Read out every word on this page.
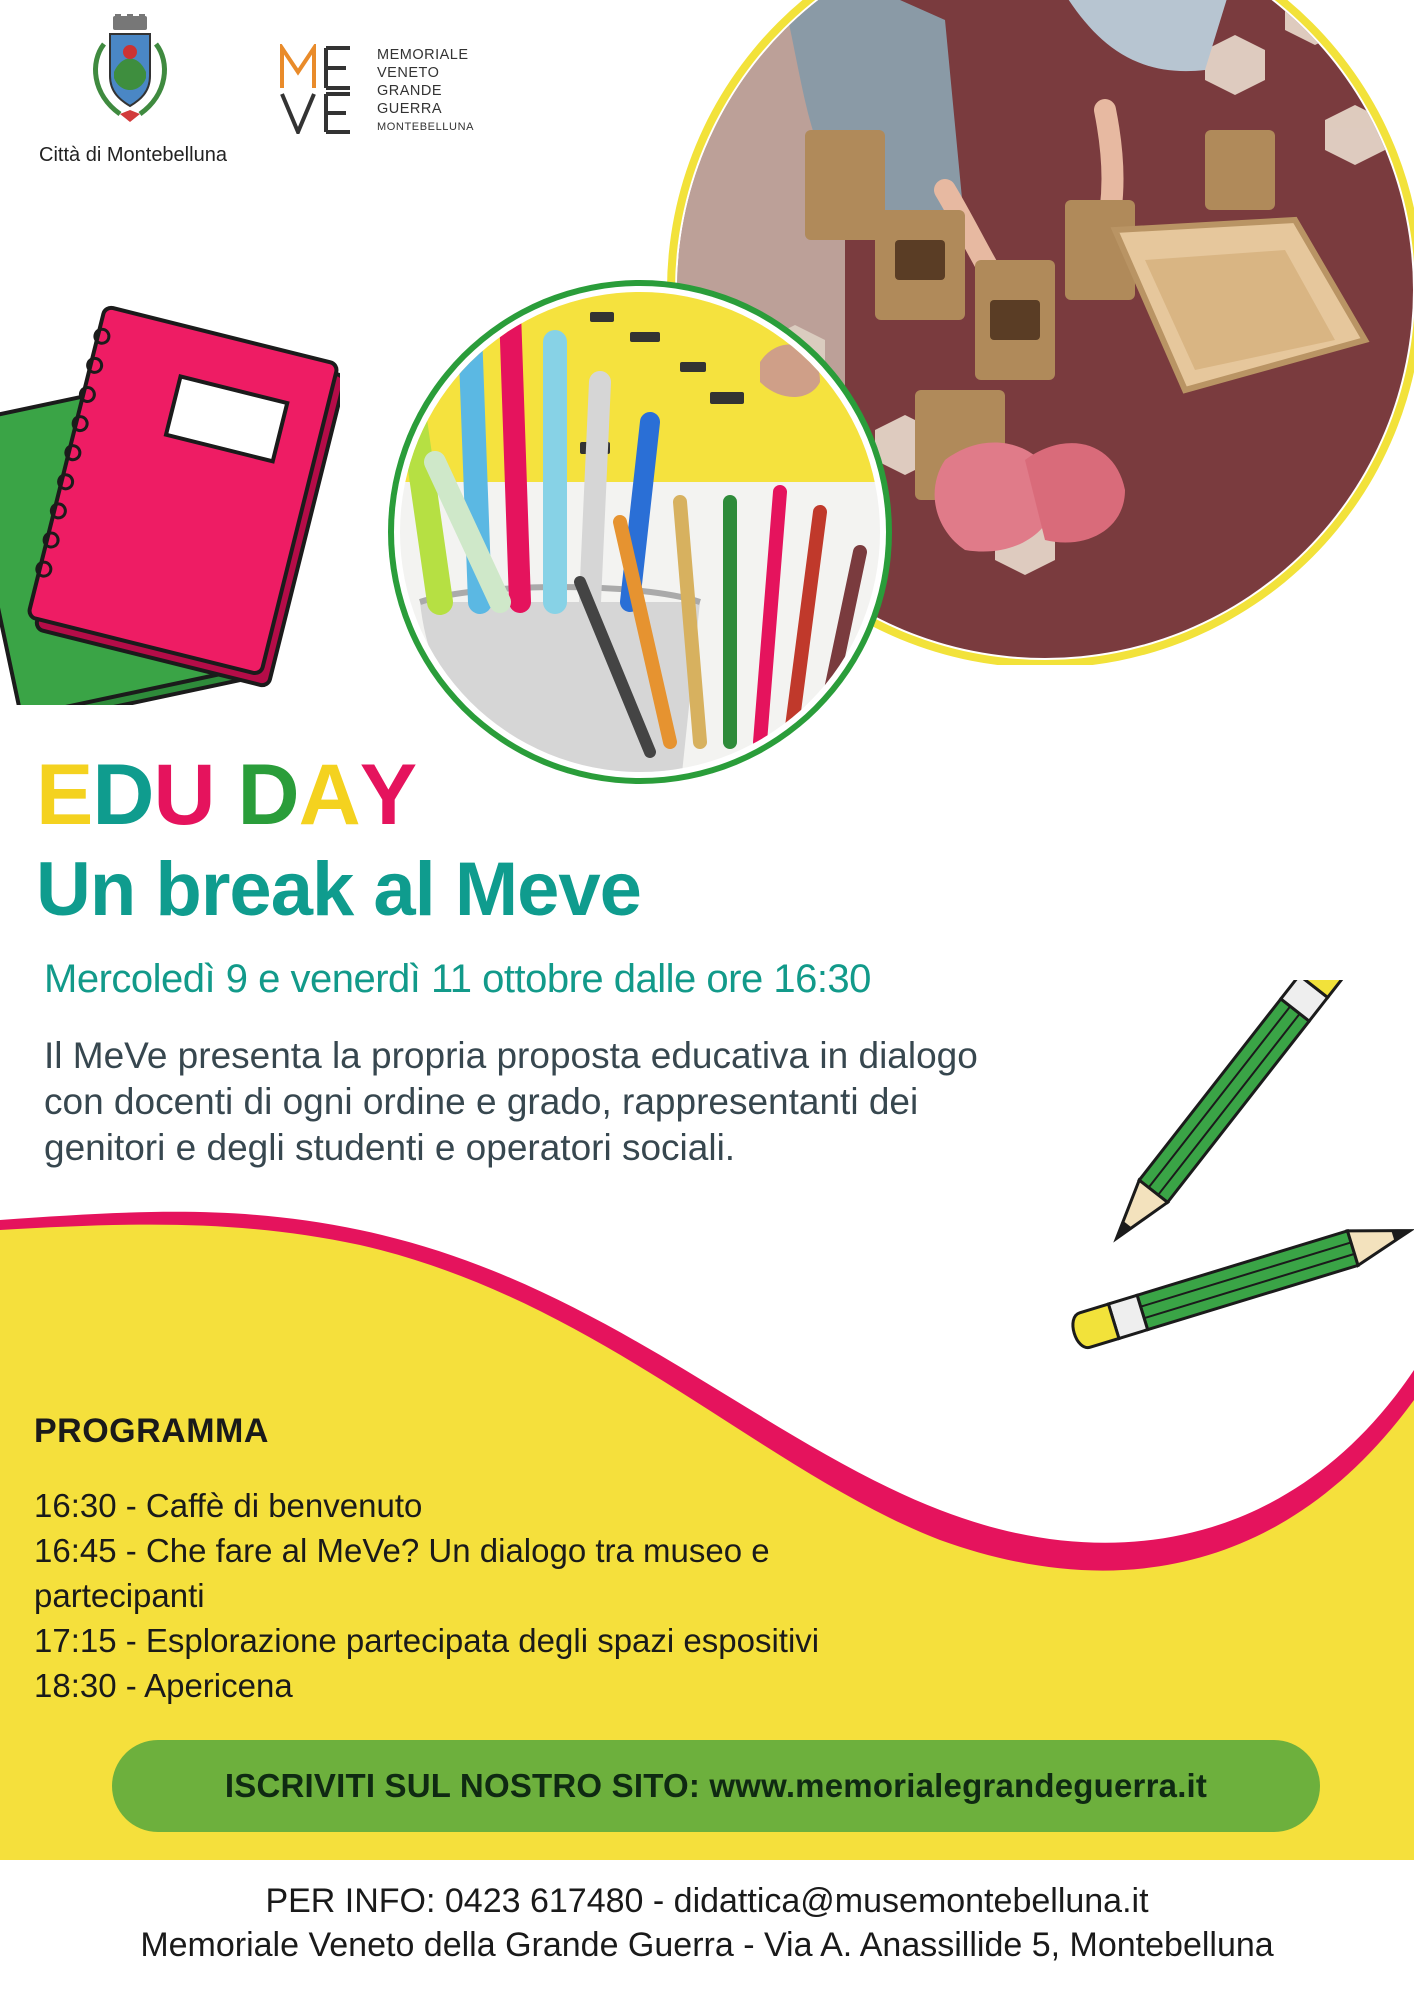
Città di Montebelluna
MEMORIALE
VENETO
GRANDE
GUERRA
MONTEBELLUNA
EDU DAY
Un break al Meve
Mercoledì 9 e venerdì 11 ottobre dalle ore 16:30
Il MeVe presenta la propria proposta educativa in dialogo
con docenti di ogni ordine e grado, rappresentanti dei
genitori e degli studenti e operatori sociali.
PROGRAMMA
16:30 - Caffè di benvenuto
16:45 - Che fare al MeVe? Un dialogo tra museo e partecipanti
17:15 - Esplorazione partecipata degli spazi espositivi
18:30 - Apericena
ISCRIVITI SUL NOSTRO SITO: www.memorialegrandeguerra.it
PER INFO: 0423 617480 - didattica@musemontebelluna.it
Memoriale Veneto della Grande Guerra - Via A. Anassillide 5, Montebelluna
